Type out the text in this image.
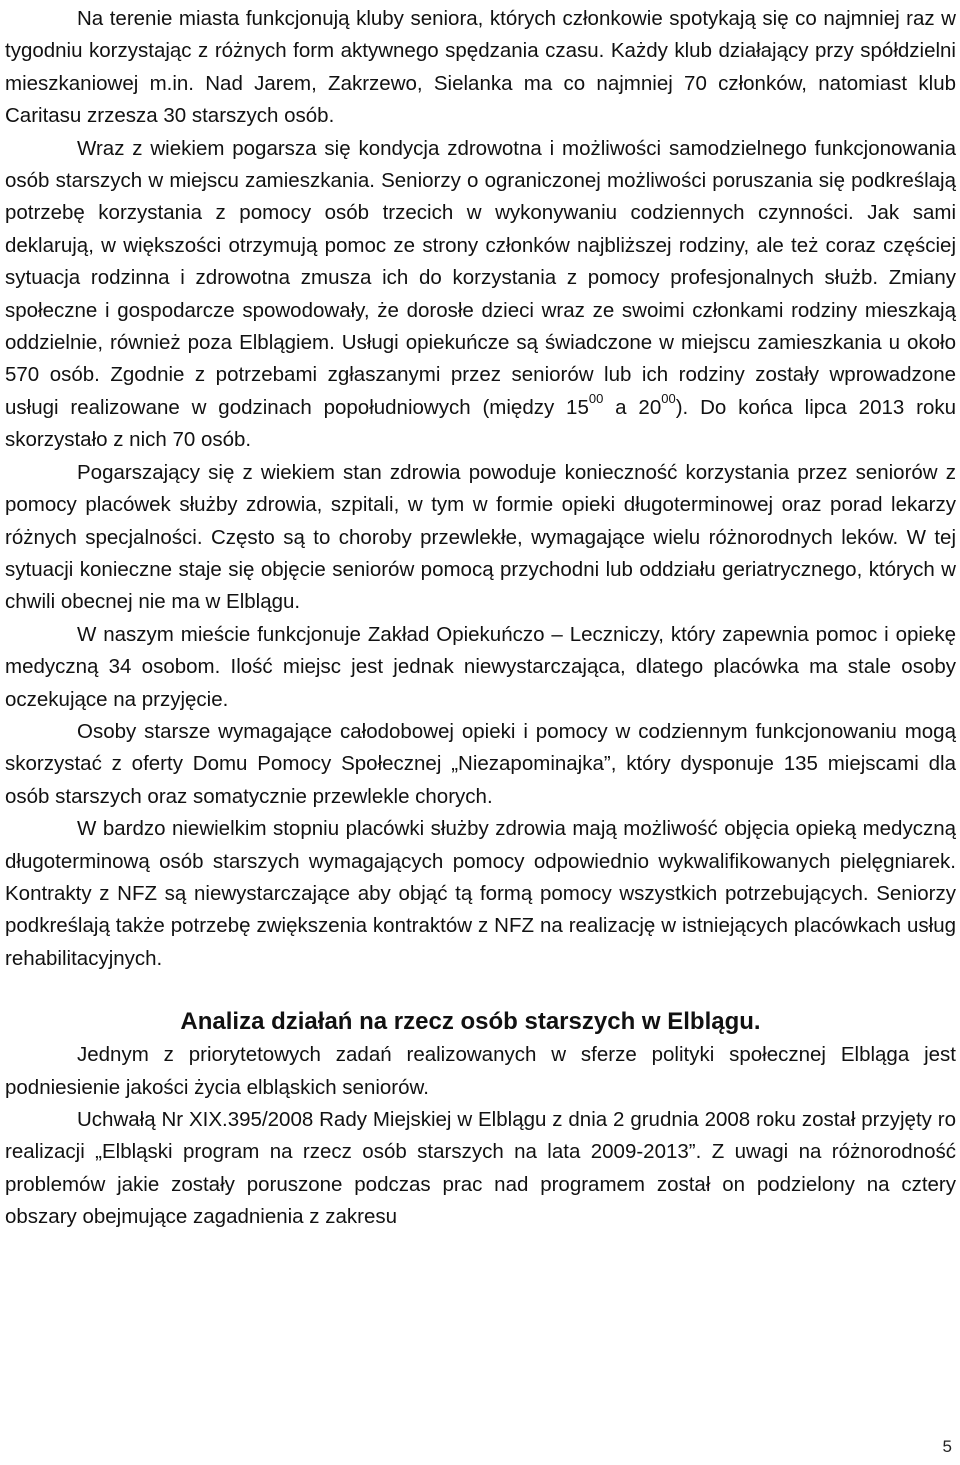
Na terenie miasta funkcjonują kluby seniora, których członkowie spotykają się co najmniej raz w tygodniu korzystając z różnych form aktywnego spędzania czasu. Każdy klub działający przy spółdzielni mieszkaniowej m.in. Nad Jarem, Zakrzewo, Sielanka ma co najmniej 70 członków, natomiast klub Caritasu zrzesza 30 starszych osób.

Wraz z wiekiem pogarsza się kondycja zdrowotna i możliwości samodzielnego funkcjonowania osób starszych w miejscu zamieszkania. Seniorzy o ograniczonej możliwości poruszania się podkreślają potrzebę korzystania z pomocy osób trzecich w wykonywaniu codziennych czynności. Jak sami deklarują, w większości otrzymują pomoc ze strony członków najbliższej rodziny, ale też coraz częściej sytuacja rodzinna i zdrowotna zmusza ich do korzystania z pomocy profesjonalnych służb. Zmiany społeczne i gospodarcze spowodowały, że dorosłe dzieci wraz ze swoimi członkami rodziny mieszkają oddzielnie, również poza Elblągiem. Usługi opiekuńcze są świadczone w miejscu zamieszkania u około 570 osób. Zgodnie z potrzebami zgłaszanymi przez seniorów lub ich rodziny zostały wprowadzone usługi realizowane w godzinach popołudniowych (między $15^{00}$ a $20^{00}$). Do końca lipca 2013 roku skorzystało z nich 70 osób.

Pogarszający się z wiekiem stan zdrowia powoduje konieczność korzystania przez seniorów z pomocy placówek służby zdrowia, szpitali, w tym w formie opieki długoterminowej oraz porad lekarzy różnych specjalności. Często są to choroby przewlekłe, wymagające wielu różnorodnych leków. W tej sytuacji konieczne staje się objęcie seniorów pomocą przychodni lub oddziału geriatrycznego, których w chwili obecnej nie ma w Elblągu.

W naszym mieście funkcjonuje Zakład Opiekuńczo – Leczniczy, który zapewnia pomoc i opiekę medyczną 34 osobom. Ilość miejsc jest jednak niewystarczająca, dlatego placówka ma stale osoby oczekujące na przyjęcie.

Osoby starsze wymagające całodobowej opieki i pomocy w codziennym funkcjonowaniu mogą skorzystać z oferty Domu Pomocy Społecznej „Niezapominajka”, który dysponuje 135 miejscami dla osób starszych oraz somatycznie przewlekle chorych.

W bardzo niewielkim stopniu placówki służby zdrowia mają możliwość objęcia opieką medyczną długoterminową osób starszych wymagających pomocy odpowiednio wykwalifikowanych pielęgniarek. Kontrakty z NFZ są niewystarczające aby objąć tą formą pomocy wszystkich potrzebujących. Seniorzy podkreślają także potrzebę zwiększenia kontraktów z NFZ na realizację w istniejących placówkach usług rehabilitacyjnych.

Analiza działań na rzecz osób starszych w Elblągu.

Jednym z priorytetowych zadań realizowanych w sferze polityki społecznej Elbląga jest podniesienie jakości życia elbląskich seniorów.

Uchwałą Nr XIX.395/2008 Rady Miejskiej w Elblągu z dnia 2 grudnia 2008 roku został przyjęty ro realizacji „Elbląski program na rzecz osób starszych na lata 2009-2013”. Z uwagi na różnorodność problemów jakie zostały poruszone podczas prac nad programem został on podzielony na cztery obszary obejmujące zagadnienia z zakresu

5
